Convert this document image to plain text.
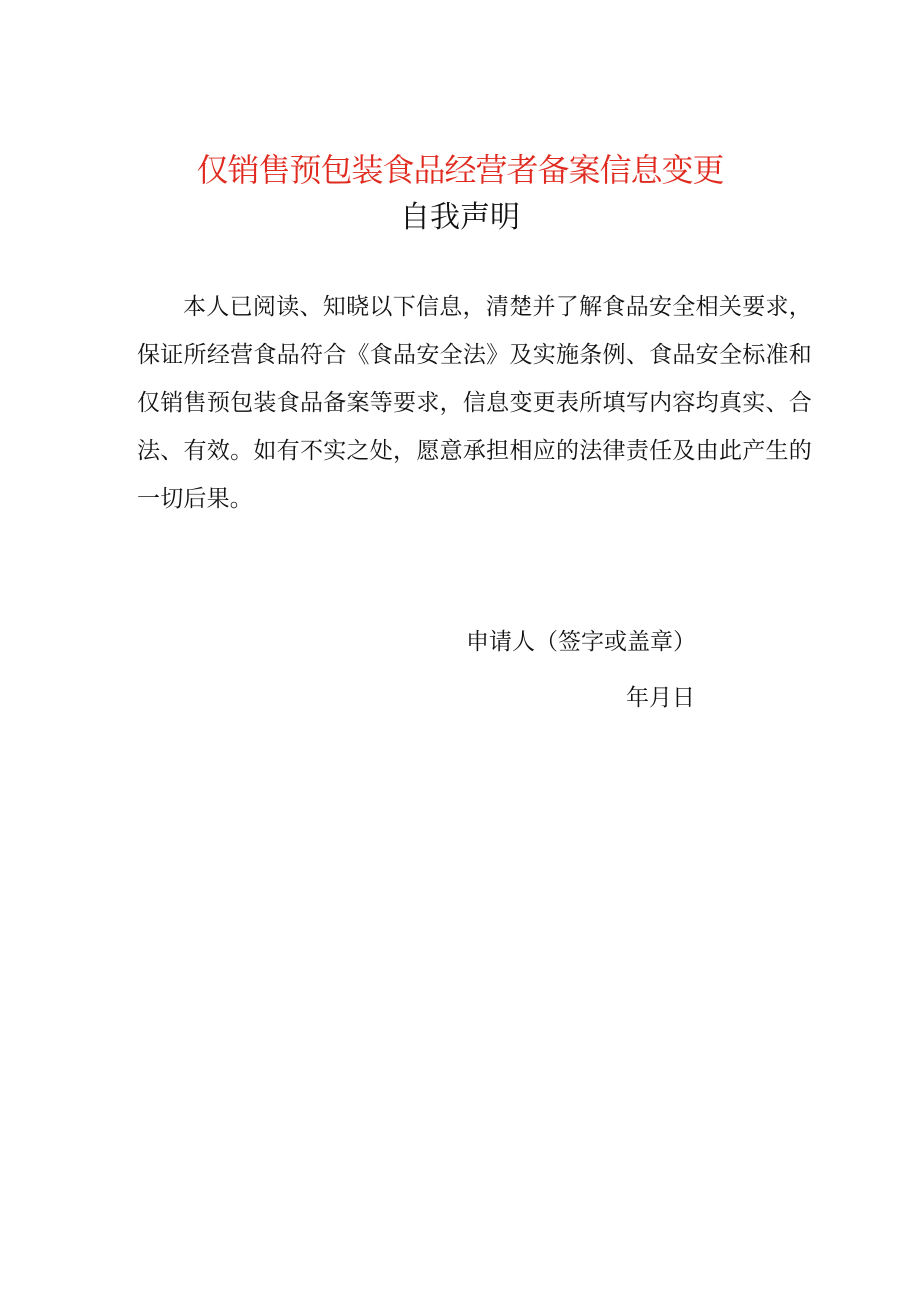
仅销售预包装食品经营者备案信息变更
自我声明

本人已阅读、知晓以下信息，清楚并了解食品安全相关要求，保证所经营食品符合《食品安全法》及实施条例、食品安全标准和仅销售预包装食品备案等要求，信息变更表所填写内容均真实、合法、有效。如有不实之处，愿意承担相应的法律责任及由此产生的一切后果。

申请人（签字或盖章）
年月日
